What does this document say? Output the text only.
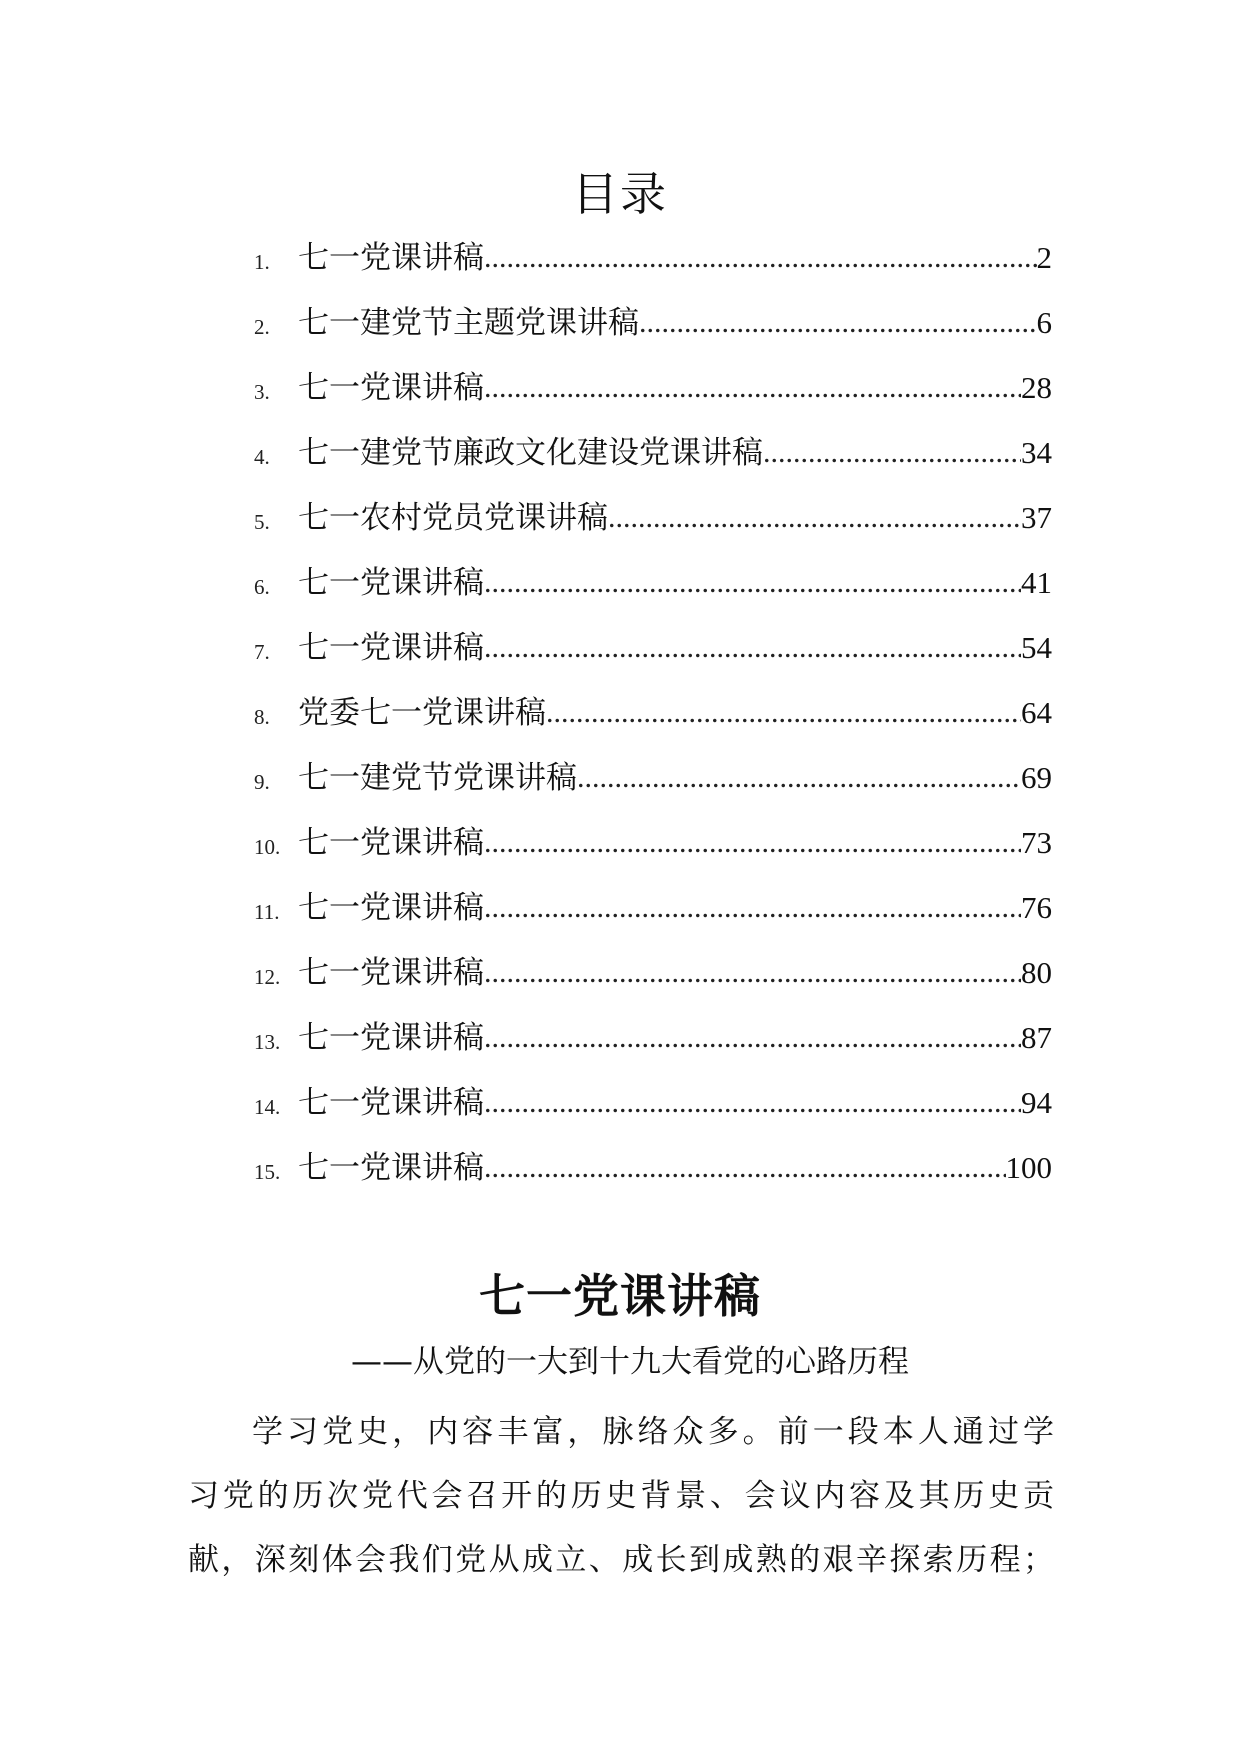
目录
1. 七一党课讲稿 .....	2
2. 七一建党节主题党课讲稿 .....	6
3. 七一党课讲稿 .....	28
4. 七一建党节廉政文化建设党课讲稿 .....	34
5. 七一农村党员党课讲稿 .....	37
6. 七一党课讲稿 .....	41
7. 七一党课讲稿 .....	54
8. 党委七一党课讲稿 .....	64
9. 七一建党节党课讲稿 .....	69
10. 七一党课讲稿 .....	73
11. 七一党课讲稿 .....	76
12. 七一党课讲稿 .....	80
13. 七一党课讲稿 .....	87
14. 七一党课讲稿 .....	94
15. 七一党课讲稿 .....	100
七一党课讲稿
——从党的一大到十九大看党的心路历程
学习党史，内容丰富，脉络众多。前一段本人通过学
习党的历次党代会召开的历史背景、会议内容及其历史贡
献，深刻体会我们党从成立、成长到成熟的艰辛探索历程；
